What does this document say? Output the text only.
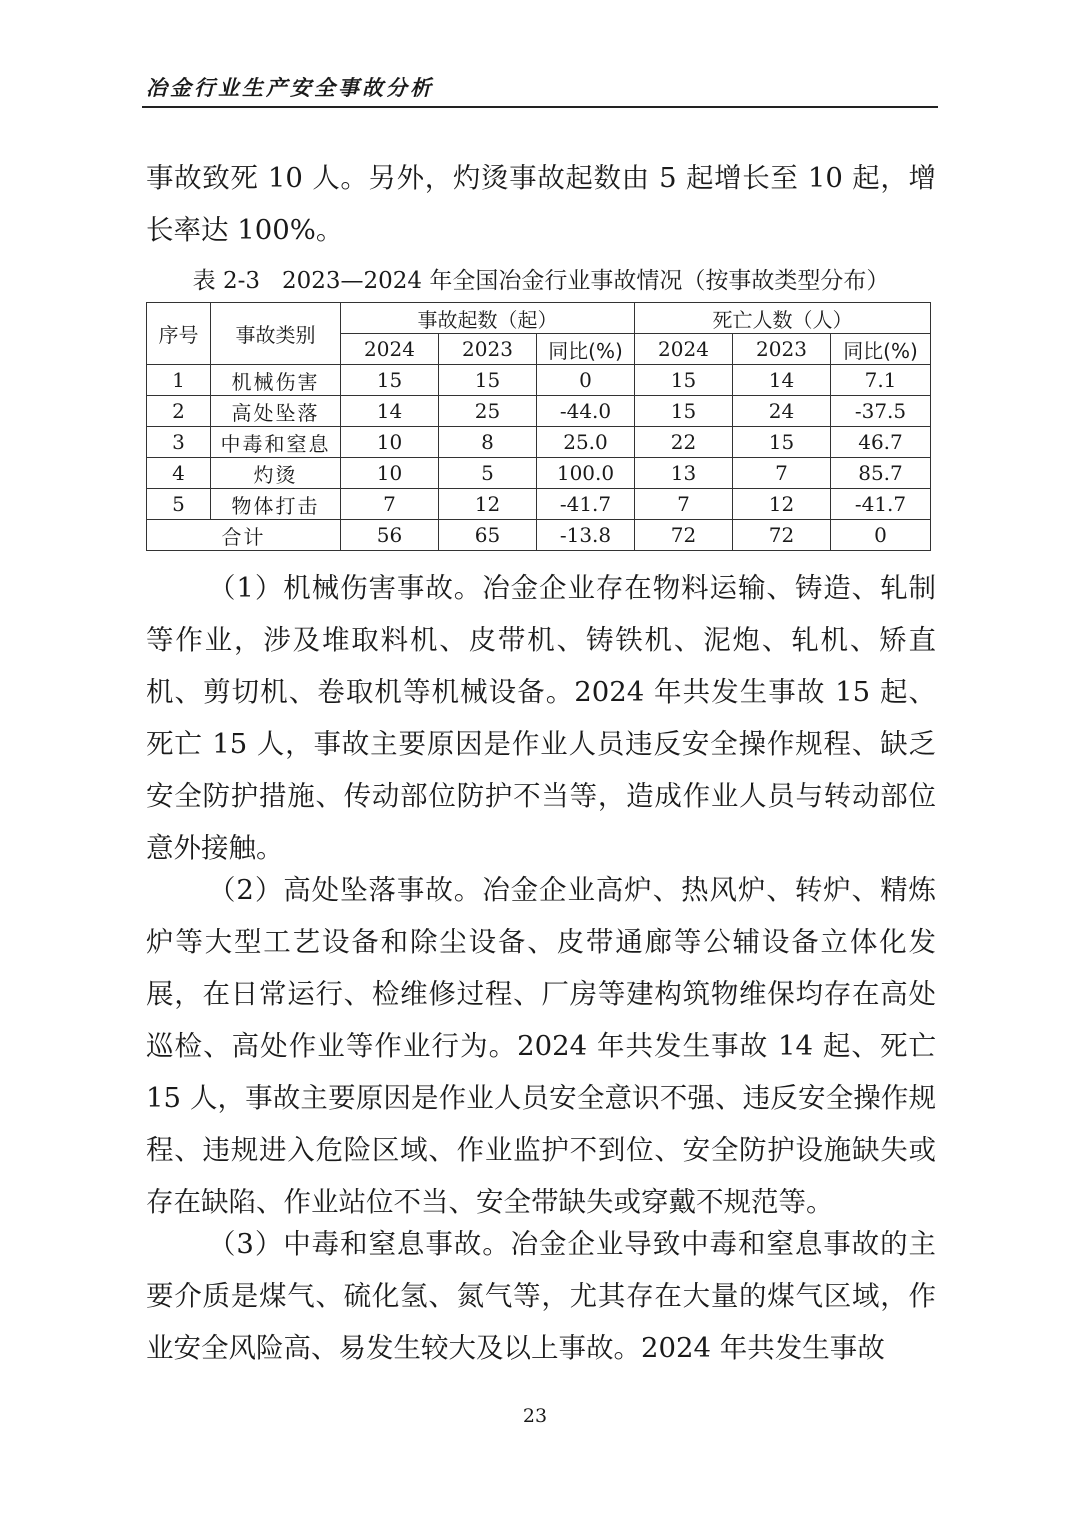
冶金行业生产安全事故分析

事故致死 10 人。另外，灼烫事故起数由 5 起增长至 10 起，增长率达 100%。

表 2-3 2023—2024 年全国冶金行业事故情况（按事故类型分布）
序号	事故类别	事故起数（起）			死亡人数（人）		
		2024	2023	同比(%)	2024	2023	同比(%)
1	机械伤害	15	15	0	15	14	7.1
2	高处坠落	14	25	-44.0	15	24	-37.5
3	中毒和窒息	10	8	25.0	22	15	46.7
4	灼烫	10	5	100.0	13	7	85.7
5	物体打击	7	12	-41.7	7	12	-41.7
合计		56	65	-13.8	72	72	0

（1）机械伤害事故。冶金企业存在物料运输、铸造、轧制等作业，涉及堆取料机、皮带机、铸铁机、泥炮、轧机、矫直机、剪切机、卷取机等机械设备。2024 年共发生事故 15 起、死亡 15 人，事故主要原因是作业人员违反安全操作规程、缺乏安全防护措施、传动部位防护不当等，造成作业人员与转动部位意外接触。

（2）高处坠落事故。冶金企业高炉、热风炉、转炉、精炼炉等大型工艺设备和除尘设备、皮带通廊等公辅设备立体化发展，在日常运行、检维修过程、厂房等建构筑物维保均存在高处巡检、高处作业等作业行为。2024 年共发生事故 14 起、死亡 15 人，事故主要原因是作业人员安全意识不强、违反安全操作规程、违规进入危险区域、作业监护不到位、安全防护设施缺失或存在缺陷、作业站位不当、安全带缺失或穿戴不规范等。

（3）中毒和窒息事故。冶金企业导致中毒和窒息事故的主要介质是煤气、硫化氢、氮气等，尤其存在大量的煤气区域，作业安全风险高、易发生较大及以上事故。2024 年共发生事故

23
